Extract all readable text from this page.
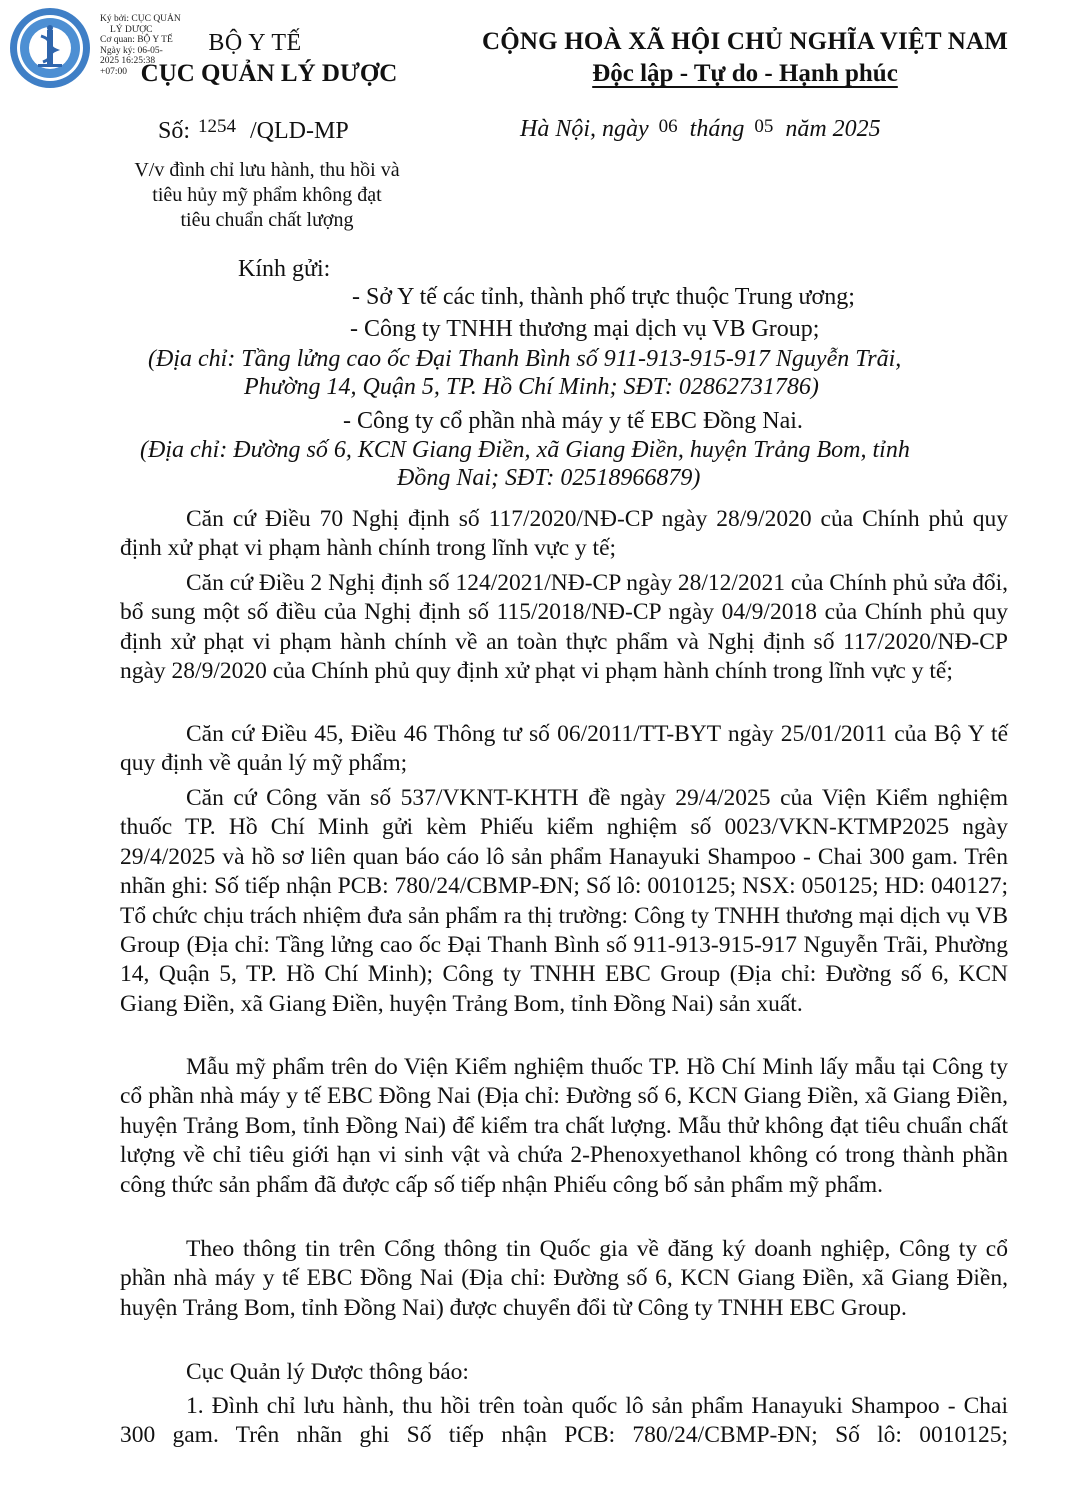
Ký bởi: CỤC QUẢN
LÝ DƯỢC
Cơ quan: BỘ Y TẾ
Ngày ký: 06-05-
2025 16:25:38
+07:00
BỘ Y TẾ
CỤC QUẢN LÝ DƯỢC
CỘNG HOÀ XÃ HỘI CHỦ NGHĨA VIỆT NAM
Độc lập - Tự do - Hạnh phúc
Số: 1254 /QLD-MP	Hà Nội, ngày 06 tháng 05 năm 2025
V/v đình chỉ lưu hành, thu hồi và
tiêu hủy mỹ phẩm không đạt
tiêu chuẩn chất lượng
Kính gửi:
- Sở Y tế các tỉnh, thành phố trực thuộc Trung ương;
- Công ty TNHH thương mại dịch vụ VB Group;
(Địa chỉ: Tầng lửng cao ốc Đại Thanh Bình số 911-913-915-917 Nguyễn Trãi,
Phường 14, Quận 5, TP. Hồ Chí Minh; SĐT: 02862731786)
- Công ty cổ phần nhà máy y tế EBC Đồng Nai.
(Địa chỉ: Đường số 6, KCN Giang Điền, xã Giang Điền, huyện Trảng Bom, tỉnh
Đồng Nai; SĐT: 02518966879)

Căn cứ Điều 70 Nghị định số 117/2020/NĐ-CP ngày 28/9/2020 của Chính phủ quy định xử phạt vi phạm hành chính trong lĩnh vực y tế;

Căn cứ Điều 2 Nghị định số 124/2021/NĐ-CP ngày 28/12/2021 của Chính phủ sửa đổi, bổ sung một số điều của Nghị định số 115/2018/NĐ-CP ngày 04/9/2018 của Chính phủ quy định xử phạt vi phạm hành chính về an toàn thực phẩm và Nghị định số 117/2020/NĐ-CP ngày 28/9/2020 của Chính phủ quy định xử phạt vi phạm hành chính trong lĩnh vực y tế;

Căn cứ Điều 45, Điều 46 Thông tư số 06/2011/TT-BYT ngày 25/01/2011 của Bộ Y tế quy định về quản lý mỹ phẩm;

Căn cứ Công văn số 537/VKNT-KHTH đề ngày 29/4/2025 của Viện Kiểm nghiệm thuốc TP. Hồ Chí Minh gửi kèm Phiếu kiểm nghiệm số 0023/VKN-KTMP2025 ngày 29/4/2025 và hồ sơ liên quan báo cáo lô sản phẩm Hanayuki Shampoo - Chai 300 gam. Trên nhãn ghi: Số tiếp nhận PCB: 780/24/CBMP-ĐN; Số lô: 0010125; NSX: 050125; HD: 040127; Tổ chức chịu trách nhiệm đưa sản phẩm ra thị trường: Công ty TNHH thương mại dịch vụ VB Group (Địa chỉ: Tầng lửng cao ốc Đại Thanh Bình số 911-913-915-917 Nguyễn Trãi, Phường 14, Quận 5, TP. Hồ Chí Minh); Công ty TNHH EBC Group (Địa chỉ: Đường số 6, KCN Giang Điền, xã Giang Điền, huyện Trảng Bom, tỉnh Đồng Nai) sản xuất.

Mẫu mỹ phẩm trên do Viện Kiểm nghiệm thuốc TP. Hồ Chí Minh lấy mẫu tại Công ty cổ phần nhà máy y tế EBC Đồng Nai (Địa chỉ: Đường số 6, KCN Giang Điền, xã Giang Điền, huyện Trảng Bom, tỉnh Đồng Nai) để kiểm tra chất lượng. Mẫu thử không đạt tiêu chuẩn chất lượng về chỉ tiêu giới hạn vi sinh vật và chứa 2-Phenoxyethanol không có trong thành phần công thức sản phẩm đã được cấp số tiếp nhận Phiếu công bố sản phẩm mỹ phẩm.

Theo thông tin trên Cổng thông tin Quốc gia về đăng ký doanh nghiệp, Công ty cổ phần nhà máy y tế EBC Đồng Nai (Địa chỉ: Đường số 6, KCN Giang Điền, xã Giang Điền, huyện Trảng Bom, tỉnh Đồng Nai) được chuyển đổi từ Công ty TNHH EBC Group.

Cục Quản lý Dược thông báo:

1. Đình chỉ lưu hành, thu hồi trên toàn quốc lô sản phẩm Hanayuki Shampoo - Chai 300 gam. Trên nhãn ghi Số tiếp nhận PCB: 780/24/CBMP-ĐN; Số lô: 0010125;
